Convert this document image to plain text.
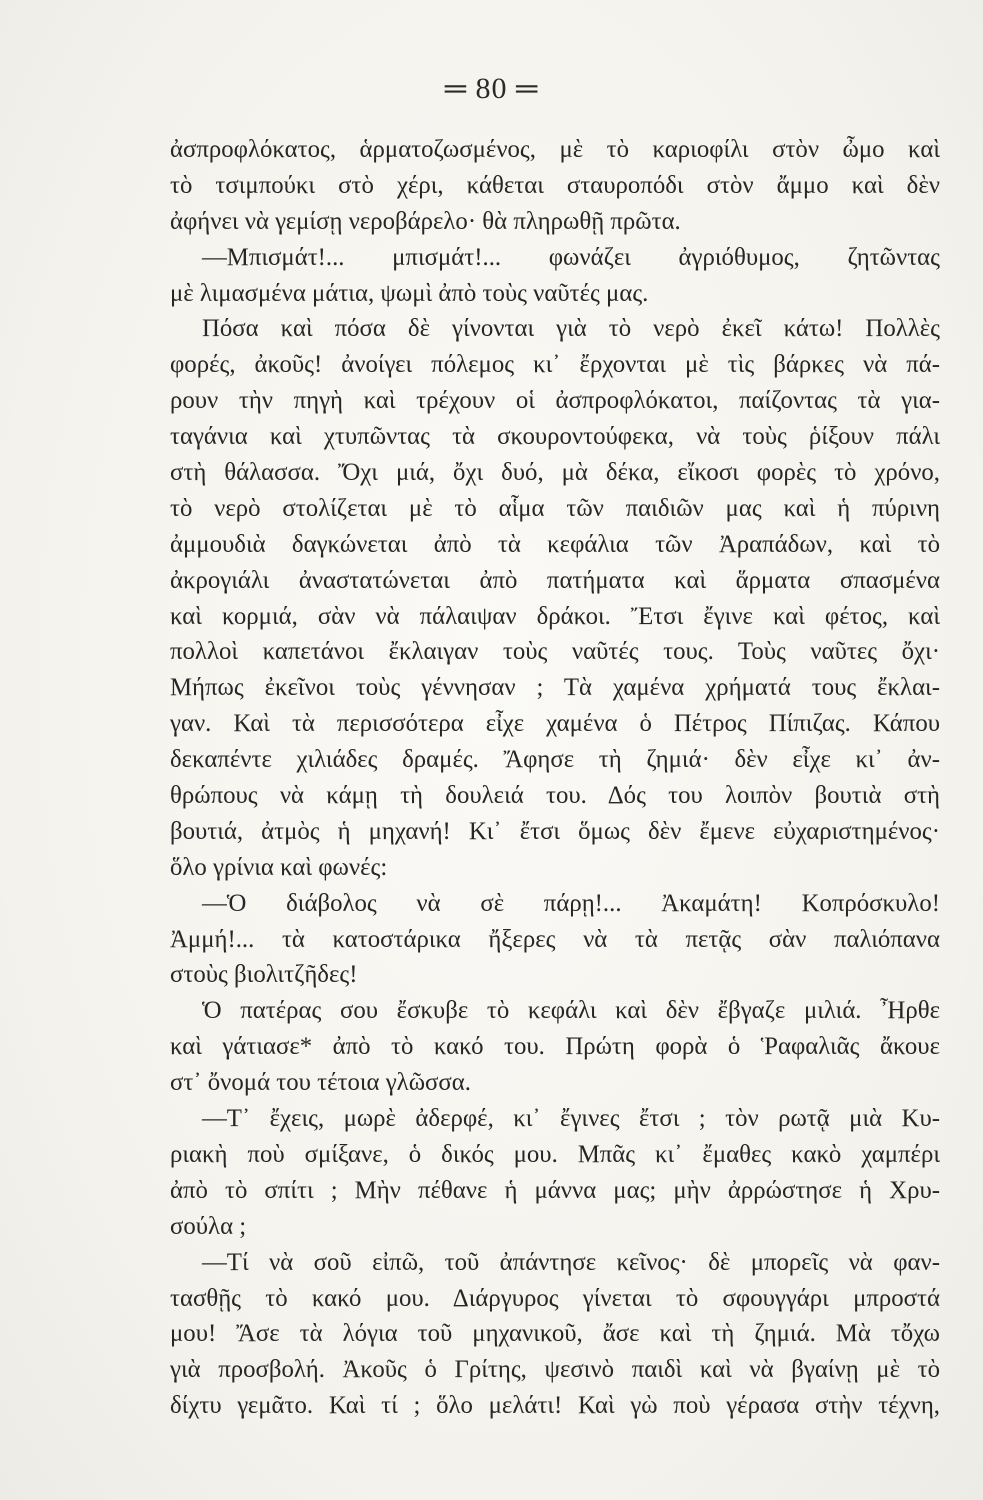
═ 80 ═
ἀσπροφλόκατος, ἁρματοζωσμένος, μὲ τὸ καριοφίλι στὸν ὦμο καὶ
τὸ τσιμπούκι στὸ χέρι, κάθεται σταυροπόδι στὸν ἄμμο καὶ δὲν
ἀφήνει νὰ γεμίσῃ νεροβάρελο· θὰ πληρωθῇ πρῶτα.
—Μπισμάτ!... μπισμάτ!... φωνάζει ἀγριόθυμος, ζητῶντας
μὲ λιμασμένα μάτια, ψωμὶ ἀπὸ τοὺς ναῦτές μας.
Πόσα καὶ πόσα δὲ γίνονται γιὰ τὸ νερὸ ἐκεῖ κάτω! Πολλὲς
φορές, ἀκοῦς! ἀνοίγει πόλεμος κι᾿ ἔρχονται μὲ τὶς βάρκες νὰ πά-
ρουν τὴν πηγὴ καὶ τρέχουν οἱ ἀσπροφλόκατοι, παίζοντας τὰ για-
ταγάνια καὶ χτυπῶντας τὰ σκουροντούφεκα, νὰ τοὺς ῥίξουν πάλι
στὴ θάλασσα. Ὄχι μιά, ὄχι δυό, μὰ δέκα, εἴκοσι φορὲς τὸ χρόνο,
τὸ νερὸ στολίζεται μὲ τὸ αἷμα τῶν παιδιῶν μας καὶ ἡ πύρινη
ἀμμουδιὰ δαγκώνεται ἀπὸ τὰ κεφάλια τῶν Ἀραπάδων, καὶ τὸ
ἀκρογιάλι ἀναστατώνεται ἀπὸ πατήματα καὶ ἅρματα σπασμένα
καὶ κορμιά, σὰν νὰ πάλαιψαν δράκοι. Ἔτσι ἔγινε καὶ φέτος, καὶ
πολλοὶ καπετάνοι ἔκλαιγαν τοὺς ναῦτές τους. Τοὺς ναῦτες ὄχι·
Μήπως ἐκεῖνοι τοὺς γέννησαν ; Τὰ χαμένα χρήματά τους ἔκλαι-
γαν. Καὶ τὰ περισσότερα εἶχε χαμένα ὁ Πέτρος Πίπιζας. Κάπου
δεκαπέντε χιλιάδες δραμές. Ἄφησε τὴ ζημιά· δὲν εἶχε κι᾿ ἀν-
θρώπους νὰ κάμῃ τὴ δουλειά του. Δός του λοιπὸν βουτιὰ στὴ
βουτιά, ἀτμὸς ἡ μηχανή! Κι᾿ ἔτσι ὅμως δὲν ἔμενε εὐχαριστημένος·
ὅλο γρίνια καὶ φωνές:
—Ὁ διάβολος νὰ σὲ πάρῃ!... Ἀκαμάτη! Κοπρόσκυλο!
Ἀμμή!... τὰ κατοστάρικα ἤξερες νὰ τὰ πετᾷς σὰν παλιόπανα
στοὺς βιολιτζῆδες!
Ὁ πατέρας σου ἔσκυβε τὸ κεφάλι καὶ δὲν ἔβγαζε μιλιά. Ἦρθε
καὶ γάτιασε* ἀπὸ τὸ κακό του. Πρώτη φορὰ ὁ Ῥαφαλιᾶς ἄκουε
στ᾿ ὄνομά του τέτοια γλῶσσα.
—Τ᾿ ἔχεις, μωρὲ ἀδερφέ, κι᾿ ἔγινες ἔτσι ; τὸν ρωτᾷ μιὰ Κυ-
ριακὴ ποὺ σμίξανε, ὁ δικός μου. Μπᾶς κι᾿ ἔμαθες κακὸ χαμπέρι
ἀπὸ τὸ σπίτι ; Μὴν πέθανε ἡ μάννα μας; μὴν ἀρρώστησε ἡ Χρυ-
σούλα ;
—Τί νὰ σοῦ εἰπῶ, τοῦ ἀπάντησε κεῖνος· δὲ μπορεῖς νὰ φαν-
τασθῇς τὸ κακό μου. Διάργυρος γίνεται τὸ σφουγγάρι μπροστά
μου! Ἄσε τὰ λόγια τοῦ μηχανικοῦ, ἄσε καὶ τὴ ζημιά. Μὰ τὄχω
γιὰ προσβολή. Ἀκοῦς ὁ Γρίτης, ψεσινὸ παιδὶ καὶ νὰ βγαίνῃ μὲ τὸ
δίχτυ γεμᾶτο. Καὶ τί ; ὅλο μελάτι! Καὶ γὼ ποὺ γέρασα στὴν τέχνη,
